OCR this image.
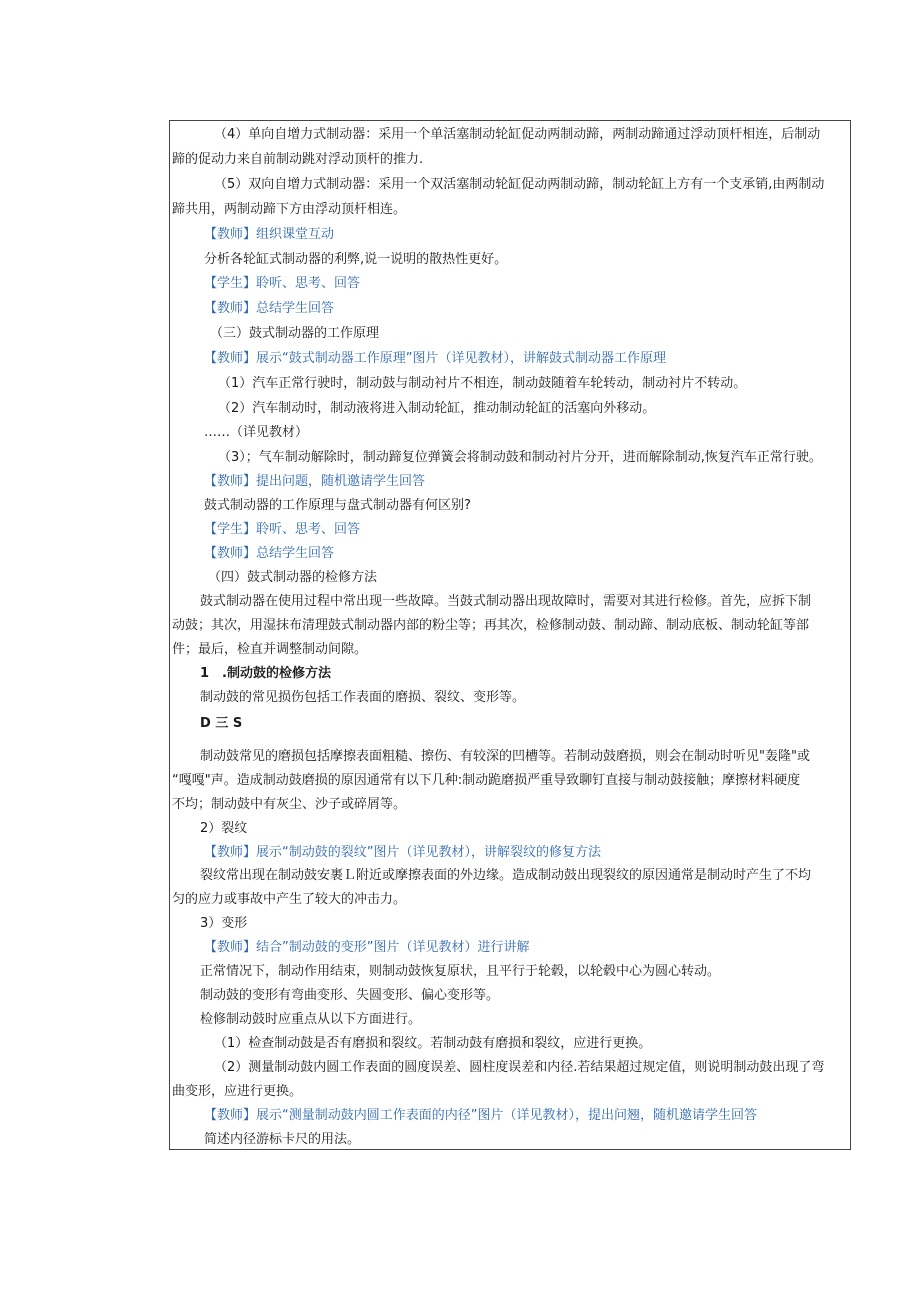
（4）单向自增力式制动器：采用一个单活塞制动轮缸促动两制动蹄，两制动蹄通过浮动顶杆相连，后制动
蹄的促动力来自前制动跳对浮动顶杆的推力.
（5）双向自增力式制动器：采用一个双活塞制动轮缸促动两制动蹄，制动轮缸上方有一个支承销,由两制动
蹄共用，两制动蹄下方由浮动顶杆相连。
【教师】组织课堂互动
分析各轮缸式制动器的利弊,说一说明的散热性更好。
【学生】聆听、思考、回答
【教师】总结学生回答
（三）鼓式制动器的工作原理
【教师】展示“鼓式制动器工作原理”图片（详见教材），讲解鼓式制动器工作原理
（1）汽车正常行驶时，制动鼓与制动衬片不相连，制动鼓随着车轮转动，制动衬片不转动。
（2）汽车制动时，制动液将进入制动轮缸，推动制动轮缸的活塞向外移动。
……（详见教材）
（3）；气车制动解除时，制动蹄复位弹簧会将制动鼓和制动衬片分开，进而解除制动,恢复汽车正常行驶。
【教师】提出问题，随机邀请学生回答
鼓式制动器的工作原理与盘式制动器有何区别?
【学生】聆听、思考、回答
【教师】总结学生回答
（四）鼓式制动器的检修方法
鼓式制动器在使用过程中常出现一些故障。当鼓式制动器出现故障时，需要对其进行检修。首先，应拆下制
动鼓；其次，用湿抹布清理鼓式制动器内部的粉尘等；再其次，检修制动鼓、制动蹄、制动底板、制动轮缸等部
件；最后，检直并调整制动间隙。
1　.制动鼓的检修方法
制动鼓的常见损伤包括工作表面的磨损、裂纹、变形等。
D 三 S
制动鼓常见的磨损包括摩擦表面粗糙、擦伤、有较深的凹槽等。若制动鼓磨损，则会在制动时听见"轰隆"或
“嘎嘎"声。造成制动鼓磨损的原因通常有以下几种:制动跪磨损严重导致聊钉直接与制动鼓接触；摩擦材料硬度
不均；制动鼓中有灰尘、沙子或碎屑等。
2）裂纹
【教师】展示“制动鼓的裂纹”图片（详见教材），讲解裂纹的修复方法
裂纹常出现在制动鼓安裹Ｌ附近或摩擦表面的外边缘。造成制动鼓出现裂纹的原因通常是制动时产生了不均
匀的应力或事故中产生了较大的冲击力。
3）变形
【教师】结合”制动鼓的变形”图片（详见教材）进行讲解
正常情况下，制动作用结束，则制动鼓恢复原状，且平行于轮毂，以轮毂中心为圆心转动。
制动鼓的变形有弯曲变形、失圆变形、偏心变形等。
检修制动鼓时应重点从以下方面进行。
（1）检查制动鼓是否有磨损和裂纹。若制动鼓有磨损和裂纹，应进行更换。
（2）测量制动鼓内圆工作表面的圆度误差、圆柱度误差和内径.若结果超过规定值，则说明制动鼓出现了弯
曲变形，应进行更换。
【教师】展示“测量制动鼓内圆工作表面的内径”图片（详见教材），提出问翘，随机邀请学生回答
简述内径游标卡尺的用法。
